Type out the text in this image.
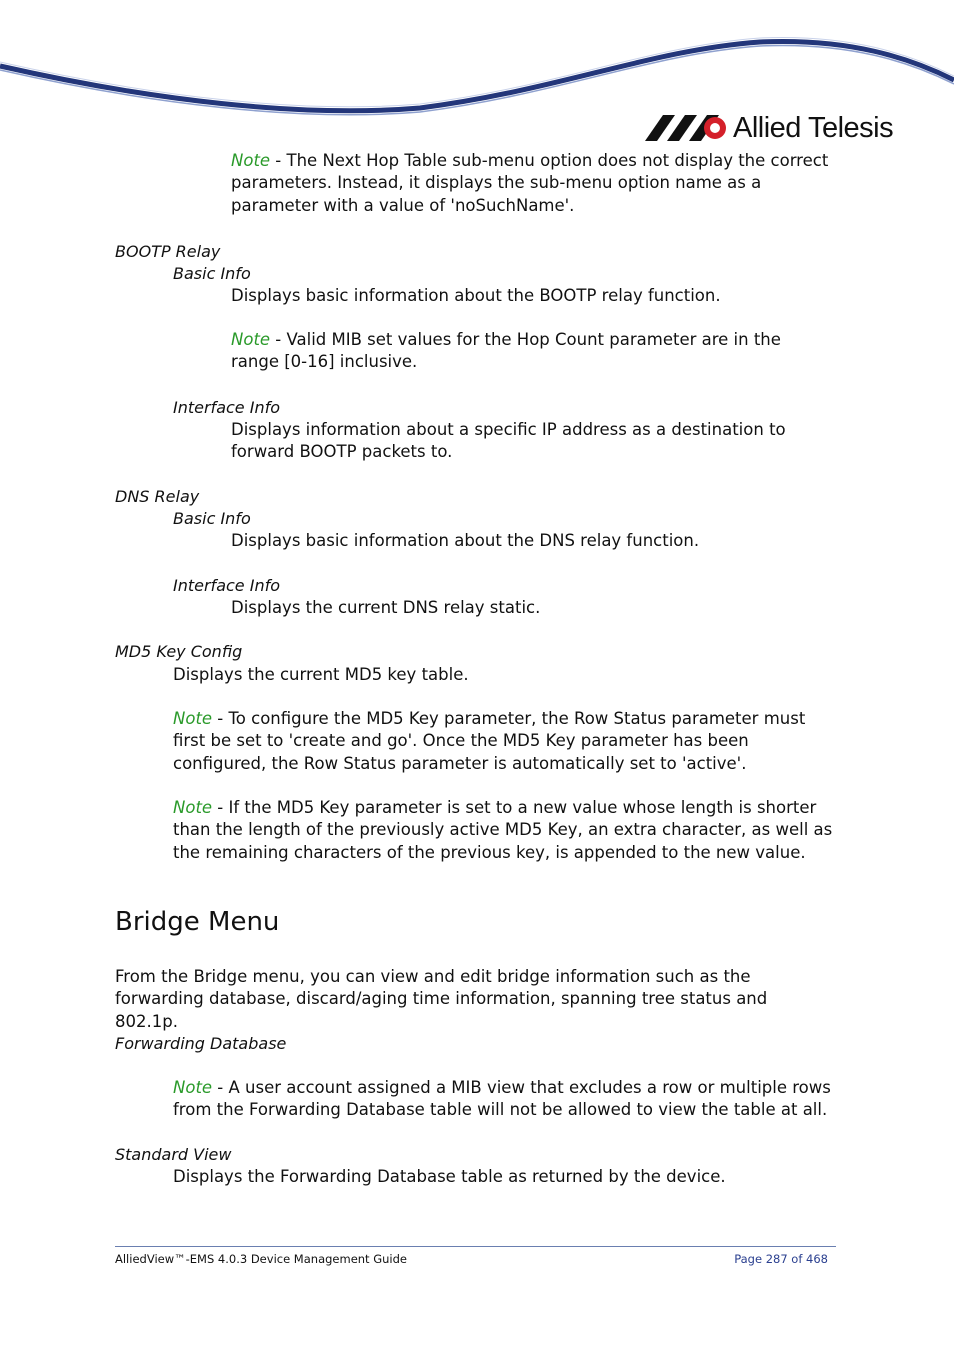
Allied Telesis

Note - The Next Hop Table sub-menu option does not display the correct parameters. Instead, it displays the sub-menu option name as a parameter with a value of 'noSuchName'.

BOOTP Relay

Basic Info

Displays basic information about the BOOTP relay function.

Note - Valid MIB set values for the Hop Count parameter are in the range [0-16] inclusive.

Interface Info

Displays information about a specific IP address as a destination to forward BOOTP packets to.

DNS Relay

Basic Info

Displays basic information about the DNS relay function.

Interface Info

Displays the current DNS relay static.

MD5 Key Config

Displays the current MD5 key table.

Note - To configure the MD5 Key parameter, the Row Status parameter must first be set to 'create and go'. Once the MD5 Key parameter has been configured, the Row Status parameter is automatically set to 'active'.

Note - If the MD5 Key parameter is set to a new value whose length is shorter than the length of the previously active MD5 Key, an extra character, as well as the remaining characters of the previous key, is appended to the new value.

Bridge Menu

From the Bridge menu, you can view and edit bridge information such as the forwarding database, discard/aging time information, spanning tree status and 802.1p.

Forwarding Database

Note - A user account assigned a MIB view that excludes a row or multiple rows from the Forwarding Database table will not be allowed to view the table at all.

Standard View

Displays the Forwarding Database table as returned by the device.

AlliedView™-EMS 4.0.3 Device Management Guide	Page 287 of 468
